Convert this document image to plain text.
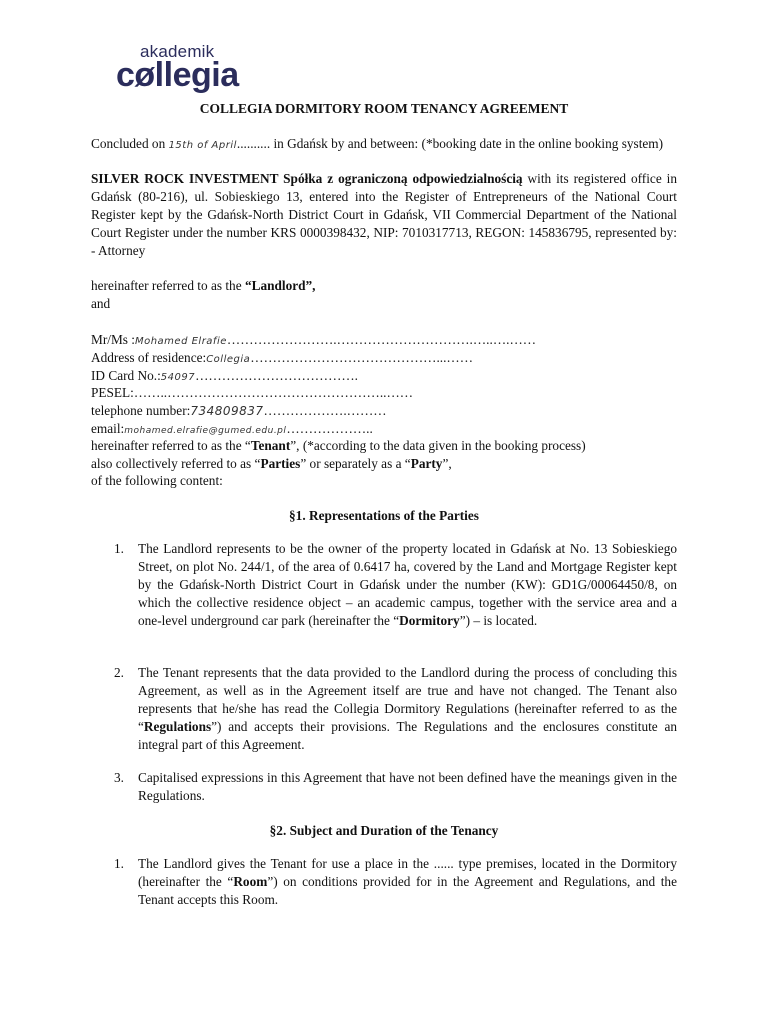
akademik
cøllegia
COLLEGIA DORMITORY ROOM TENANCY AGREEMENT
Concluded on 15th of April.......... in Gdańsk by and between: (*booking date in the online booking system)
SILVER ROCK INVESTMENT Spółka z ograniczoną odpowiedzialnością with its registered office in Gdańsk (80-216), ul. Sobieskiego 13, entered into the Register of Entrepreneurs of the National Court Register kept by the Gdańsk-North District Court in Gdańsk, VII Commercial Department of the National Court Register under the number KRS 0000398432, NIP: 7010317713, REGON: 145836795, represented by: - Attorney
hereinafter referred to as the “Landlord”,
and
Mr/Ms :Mohamed Elrafie…………………….………………………….…..….……
Address of residence:Collegia……………………………………...……
ID Card No.:54097……………………………….
PESEL:……..…………………………………………..……
telephone number:734809837……………….………
email:mohamed.elrafie@gumed.edu.pl………………..
hereinafter referred to as the “Tenant”, (*according to the data given in the booking process)
also collectively referred to as “Parties” or separately as a “Party”,
of the following content:
§1. Representations of the Parties
1. The Landlord represents to be the owner of the property located in Gdańsk at No. 13 Sobieskiego Street, on plot No. 244/1, of the area of 0.6417 ha, covered by the Land and Mortgage Register kept by the Gdańsk-North District Court in Gdańsk under the number (KW): GD1G/00064450/8, on which the collective residence object – an academic campus, together with the service area and a one-level underground car park (hereinafter the “Dormitory”) – is located.
2. The Tenant represents that the data provided to the Landlord during the process of concluding this Agreement, as well as in the Agreement itself are true and have not changed. The Tenant also represents that he/she has read the Collegia Dormitory Regulations (hereinafter referred to as the “Regulations”) and accepts their provisions. The Regulations and the enclosures constitute an integral part of this Agreement.
3. Capitalised expressions in this Agreement that have not been defined have the meanings given in the Regulations.
§2. Subject and Duration of the Tenancy
1. The Landlord gives the Tenant for use a place in the ...... type premises, located in the Dormitory (hereinafter the “Room”) on conditions provided for in the Agreement and Regulations, and the Tenant accepts this Room.
